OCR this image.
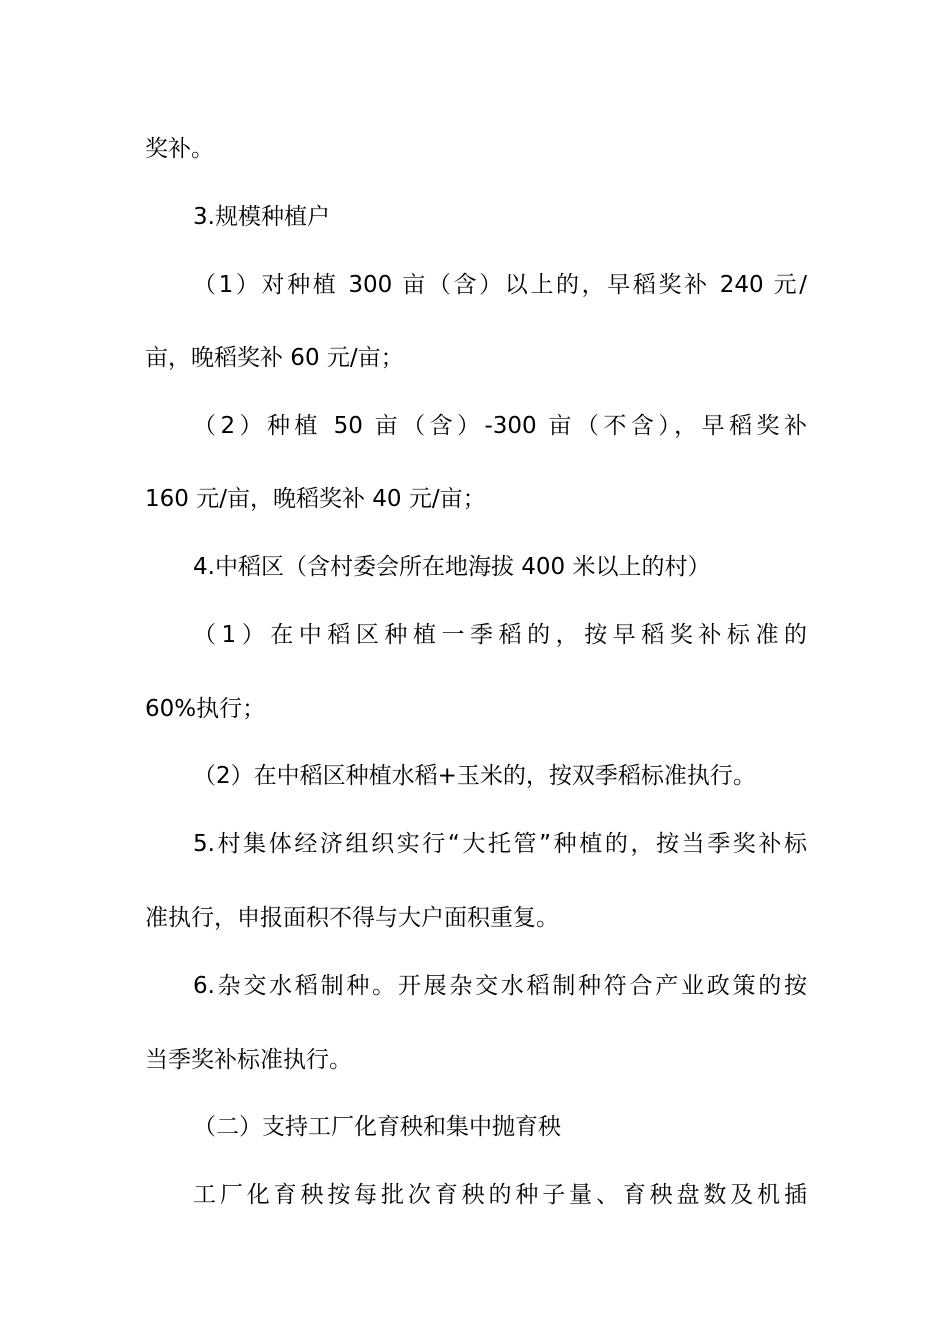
奖补。
3.规模种植户
（1）对种植 300 亩（含）以上的，早稻奖补 240 元/
亩，晚稻奖补 60 元/亩；
（2）种植 50 亩（含）-300 亩（不含），早稻奖补
160 元/亩，晚稻奖补 40 元/亩；
4.中稻区（含村委会所在地海拔 400 米以上的村）
（1）在中稻区种植一季稻的，按早稻奖补标准的
60%执行；
（2）在中稻区种植水稻+玉米的，按双季稻标准执行。
5.村集体经济组织实行“大托管”种植的，按当季奖补标
准执行，申报面积不得与大户面积重复。
6.杂交水稻制种。开展杂交水稻制种符合产业政策的按
当季奖补标准执行。
（二）支持工厂化育秧和集中抛育秧
工厂化育秧按每批次育秧的种子量、育秧盘数及机插
